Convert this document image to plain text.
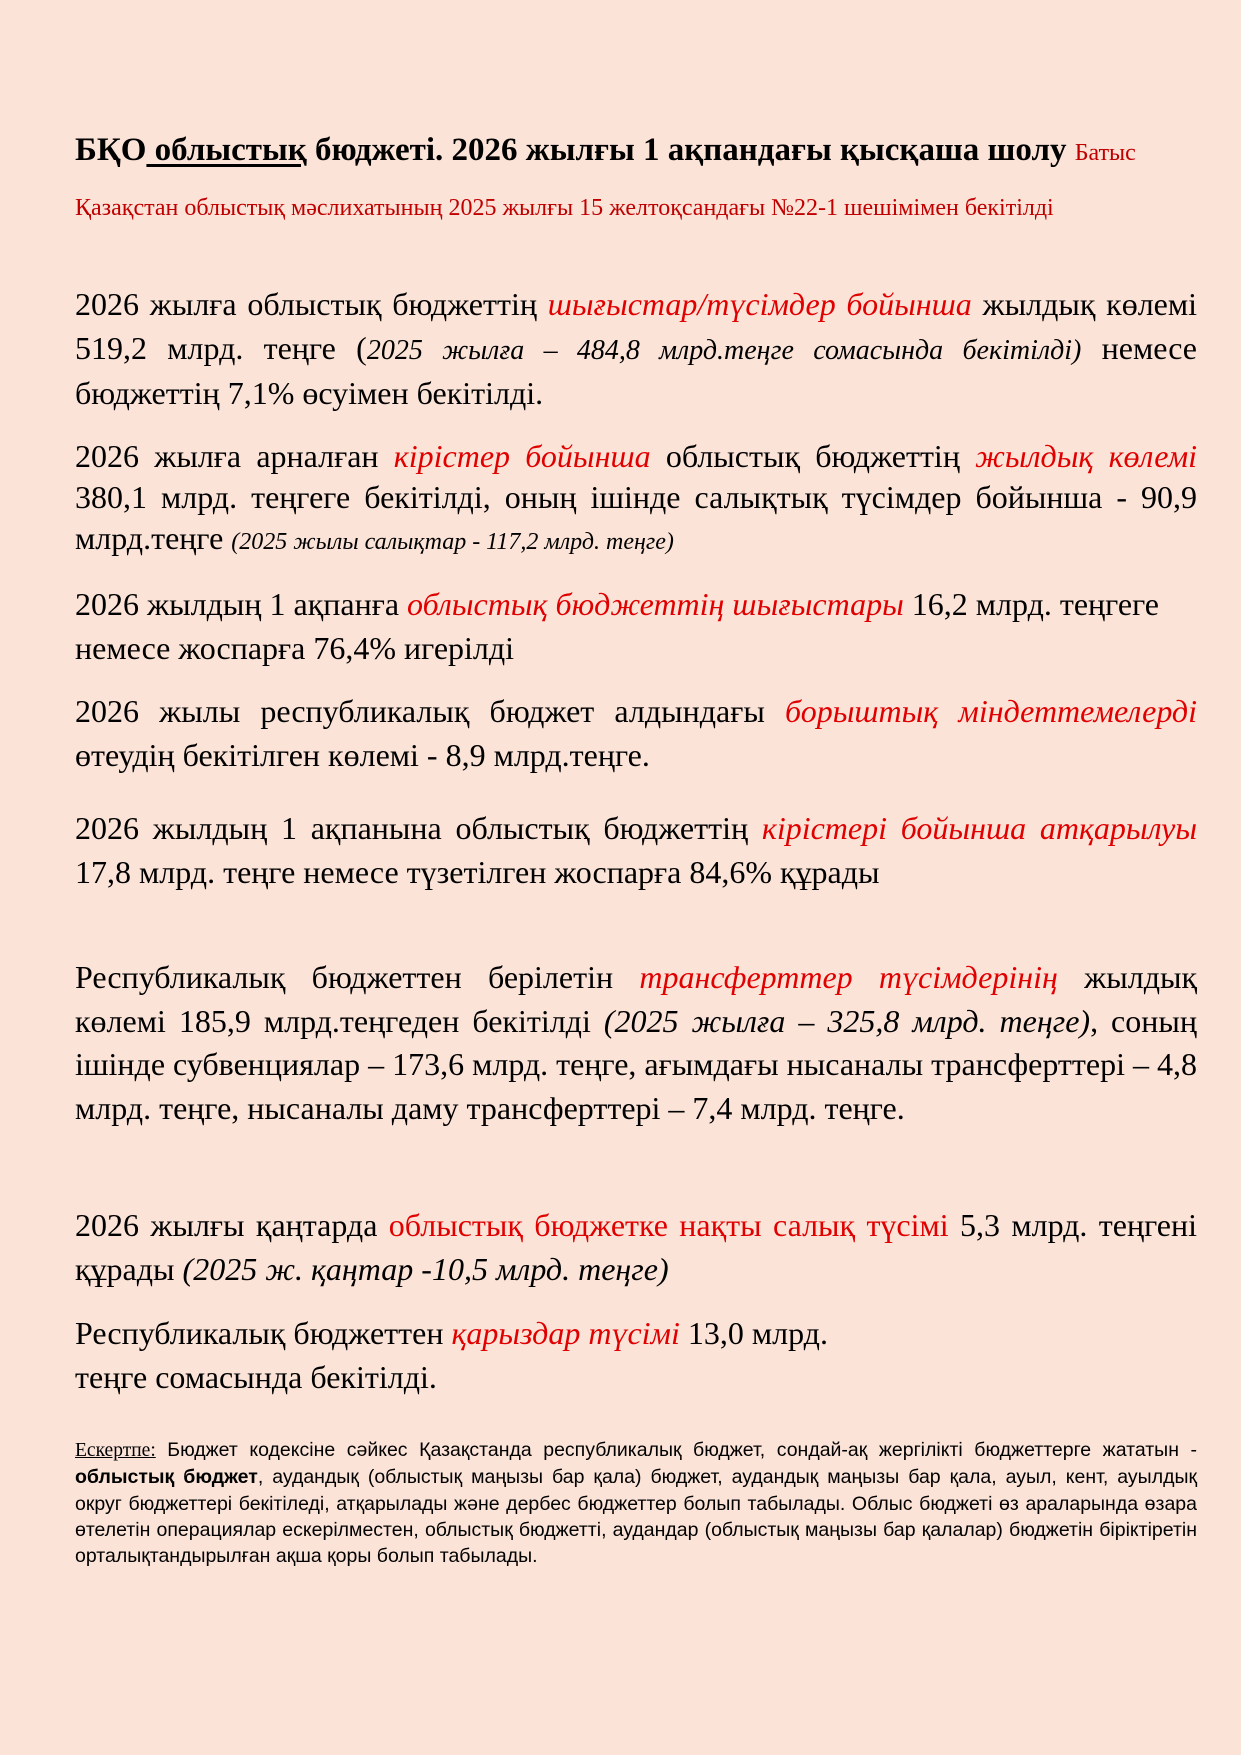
БҚО облыстық бюджеті. 2026 жылғы 1 ақпандағы қысқаша шолу Батыс Қазақстан облыстық мәслихатының 2025 жылғы 15 желтоқсандағы №22-1 шешімімен бекітілді
2026 жылға облыстық бюджеттің шығыстар/түсімдер бойынша жылдық көлемі 519,2 млрд. теңге (2025 жылға – 484,8 млрд.теңге сомасында бекітілді) немесе бюджеттің 7,1% өсуімен бекітілді.
2026 жылға арналған кірістер бойынша облыстық бюджеттің жылдық көлемі 380,1 млрд. теңгеге бекітілді, оның ішінде салықтық түсімдер бойынша - 90,9 млрд.теңге (2025 жылы салықтар - 117,2 млрд. теңге)
2026 жылдың 1 ақпанға облыстық бюджеттің шығыстары 16,2 млрд. теңгеге немесе жоспарға 76,4% игерілді
2026 жылы республикалық бюджет алдындағы борыштық міндеттемелерді өтеудің бекітілген көлемі - 8,9 млрд.теңге.
2026 жылдың 1 ақпанына облыстық бюджеттің кірістері бойынша атқарылуы 17,8 млрд. теңге немесе түзетілген жоспарға 84,6% құрады
Республикалық бюджеттен берілетін трансферттер түсімдерінің жылдық көлемі 185,9 млрд.теңгеден бекітілді (2025 жылға – 325,8 млрд. теңге), соның ішінде субвенциялар – 173,6 млрд. теңге, ағымдағы нысаналы трансферттері – 4,8 млрд. теңге, нысаналы даму трансферттері – 7,4 млрд. теңге.
2026 жылғы қаңтарда облыстық бюджетке нақты салық түсімі 5,3 млрд. теңгені құрады (2025 ж. қаңтар -10,5 млрд. теңге)
Республикалық бюджеттен қарыздар түсімі 13,0 млрд. теңге сомасында бекітілді.
Ескертпе: Бюджет кодексіне сәйкес Қазақстанда республикалық бюджет, сондай-ақ жергілікті бюджеттерге жататын - облыстық бюджет, аудандық (облыстық маңызы бар қала) бюджет, аудандық маңызы бар қала, ауыл, кент, ауылдық округ бюджеттері бекітіледі, атқарылады және дербес бюджеттер болып табылады. Облыс бюджеті өз араларында өзара өтелетін операциялар ескерілместен, облыстық бюджетті, аудандар (облыстық маңызы бар қалалар) бюджетін біріктіретін орталықтандырылған ақша қоры болып табылады.
